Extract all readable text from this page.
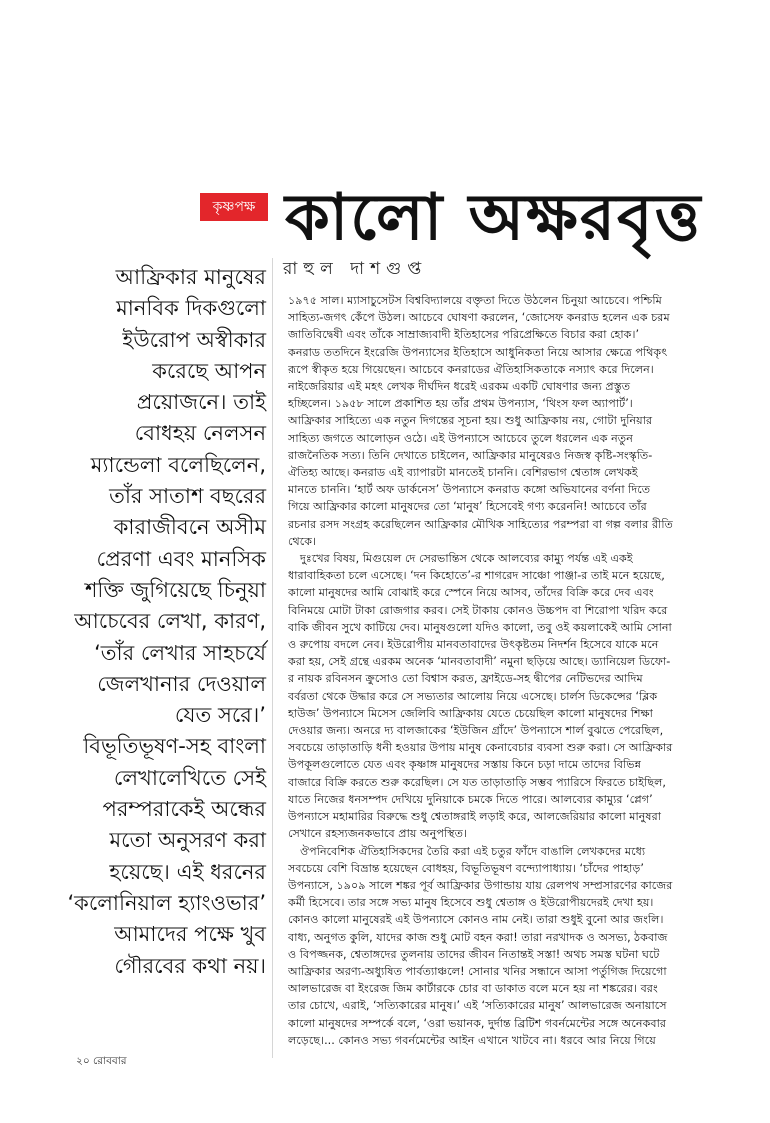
কৃষ্ণপক্ষ কালো অক্ষরবৃত্ত
রাহুল দাশগুপ্ত
আফ্রিকার মানুষের
মানবিক দিকগুলো
ইউরোপ অস্বীকার
করেছে আপন
প্রয়োজনে। তাই
বোধহয় নেলসন
ম্যান্ডেলা বলেছিলেন,
তাঁর সাতাশ বছরের
কারাজীবনে অসীম
প্রেরণা এবং মানসিক
শক্তি জুগিয়েছে চিনুয়া
আচেবের লেখা, কারণ,
‘তাঁর লেখার সাহচর্যে
জেলখানার দেওয়াল
যেত সরে।’
বিভূতিভূষণ-সহ বাংলা
লেখালেখিতে সেই
পরম্পরাকেই অন্ধের
মতো অনুসরণ করা
হয়েছে। এই ধরনের
‘কলোনিয়াল হ্যাংওভার’
আমাদের পক্ষে খুব
গৌরবের কথা নয়।
১৯৭৫ সাল। ম্যাসাচুসেটস বিশ্ববিদ্যালয়ে বক্তৃতা দিতে উঠলেন চিনুয়া আচেবে। পশ্চিমি
সাহিত্য-জগৎ কেঁপে উঠল। আচেবে ঘোষণা করলেন, ‘জোসেফ কনরাড হলেন এক চরম
জাতিবিদ্বেষী এবং তাঁকে সাম্রাজ্যবাদী ইতিহাসের পরিপ্রেক্ষিতে বিচার করা হোক।’
কনরাড ততদিনে ইংরেজি উপন্যাসের ইতিহাসে আধুনিকতা নিয়ে আসার ক্ষেত্রে পথিকৃৎ
রূপে স্বীকৃত হয়ে গিয়েছেন। আচেবে কনরাডের ঐতিহাসিকতাকে নস্যাৎ করে দিলেন।
নাইজেরিয়ার এই মহৎ লেখক দীর্ঘদিন ধরেই এরকম একটি ঘোষণার জন্য প্রস্তুত
হচ্ছিলেন। ১৯৫৮ সালে প্রকাশিত হয় তাঁর প্রথম উপন্যাস, ‘থিংস ফল অ্যাপার্ট’।
আফ্রিকার সাহিত্যে এক নতুন দিগন্তের সূচনা হয়। শুধু আফ্রিকায় নয়, গোটা দুনিয়ার
সাহিত্য জগতে আলোড়ন ওঠে। এই উপন্যাসে আচেবে তুলে ধরলেন এক নতুন
রাজনৈতিক সত্য। তিনি দেখাতে চাইলেন, আফ্রিকার মানুষেরও নিজস্ব কৃষ্টি-সংস্কৃতি-
ঐতিহ্য আছে। কনরাড এই ব্যাপারটা মানতেই চাননি। বেশিরভাগ শ্বেতাঙ্গ লেখকই
মানতে চাননি। ‘হার্ট অফ ডার্কনেস’ উপন্যাসে কনরাড কঙ্গো অভিযানের বর্ণনা দিতে
গিয়ে আফ্রিকার কালো মানুষদের তো ‘মানুষ’ হিসেবেই গণ্য করেননি! আচেবে তাঁর
রচনার রসদ সংগ্রহ করেছিলেন আফ্রিকার মৌখিক সাহিত্যের পরম্পরা বা গল্প বলার রীতি
থেকে।
দুঃখের বিষয়, মিগুয়েল দে সেরভান্তিস থেকে আলব্যের কাম্যু পর্যন্ত এই একই
ধারাবাহিকতা চলে এসেছে। ‘দন কিহোতে’-র শাগরেদ সাঞ্চো পাঞ্জা-র তাই মনে হয়েছে,
কালো মানুষদের আমি বোঝাই করে স্পেনে নিয়ে আসব, তাঁদের বিক্রি করে দেব এবং
বিনিময়ে মোটা টাকা রোজগার করব। সেই টাকায় কোনও উচ্চপদ বা শিরোপা খরিদ করে
বাকি জীবন সুখে কাটিয়ে দেব। মানুষগুলো যদিও কালো, তবু ওই কয়লাকেই আমি সোনা
ও রুপোয় বদলে নেব। ইউরোপীয় মানবতাবাদের উৎকৃষ্টতম নিদর্শন হিসেবে যাকে মনে
করা হয়, সেই গ্রন্থে এরকম অনেক ‘মানবতাবাদী’ নমুনা ছড়িয়ে আছে। ড্যানিয়েল ডিফো-
র নায়ক রবিনসন ক্রুসোও তো বিশ্বাস করত, ফ্রাইডে-সহ দ্বীপের নেটিভদের আদিম
বর্বরতা থেকে উদ্ধার করে সে সভ্যতার আলোয় নিয়ে এসেছে। চার্লস ডিকেন্সের ‘ব্লিক
হাউজ’ উপন্যাসে মিসেস জেলিবি আফ্রিকায় যেতে চেয়েছিল কালো মানুষদের শিক্ষা
দেওয়ার জন্য। অনরে দ্য বালজাকের ‘ইউজিন গ্রাঁদে’ উপন্যাসে শার্ল বুঝতে পেরেছিল,
সবচেয়ে তাড়াতাড়ি ধনী হওয়ার উপায় মানুষ কেনাবেচার ব্যবসা শুরু করা। সে আফ্রিকার
উপকূলগুলোতে যেত এবং কৃষ্ণাঙ্গ মানুষদের সস্তায় কিনে চড়া দামে তাদের বিভিন্ন
বাজারে বিক্রি করতে শুরু করেছিল। সে যত তাড়াতাড়ি সম্ভব প্যারিসে ফিরতে চাইছিল,
যাতে নিজের ধনসম্পদ দেখিয়ে দুনিয়াকে চমকে দিতে পারে। আলব্যের কাম্যুর ‘প্লেগ’
উপন্যাসে মহামারির বিরুদ্ধে শুধু শ্বেতাঙ্গরাই লড়াই করে, আলজেরিয়ার কালো মানুষরা
সেখানে রহস্যজনকভাবে প্রায় অনুপস্থিত।
ঔপনিবেশিক ঐতিহাসিকদের তৈরি করা এই চতুর ফাঁদে বাঙালি লেখকদের মধ্যে
সবচেয়ে বেশি বিভ্রান্ত হয়েছেন বোধহয়, বিভূতিভূষণ বন্দ্যোপাধ্যায়। ‘চাঁদের পাহাড়’
উপন্যাসে, ১৯০৯ সালে শঙ্কর পূর্ব আফ্রিকার উগান্ডায় যায় রেলপথ সম্প্রসারণের কাজের
কর্মী হিসেবে। তার সঙ্গে সভ্য মানুষ হিসেবে শুধু শ্বেতাঙ্গ ও ইউরোপীয়দেরই দেখা হয়।
কোনও কালো মানুষেরই এই উপন্যাসে কোনও নাম নেই। তারা শুধুই বুনো আর জংলি।
বাধ্য, অনুগত কুলি, যাদের কাজ শুধু মোট বহন করা! তারা নরখাদক ও অসভ্য, ঠকবাজ
ও বিপজ্জনক, শ্বেতাঙ্গদের তুলনায় তাদের জীবন নিতান্তই সস্তা! অথচ সমস্ত ঘটনা ঘটে
আফ্রিকার অরণ্য-অধ্যুষিত পার্বত্যাঞ্চলে! সোনার খনির সন্ধানে আসা পর্তুগিজ দিয়েগো
আলভারেজ বা ইংরেজ জিম কার্টারকে চোর বা ডাকাত বলে মনে হয় না শঙ্করের। বরং
তার চোখে, এরাই, ‘সত্যিকারের মানুষ।’ এই ‘সত্যিকারের মানুষ’ আলভারেজ অনায়াসে
কালো মানুষদের সম্পর্কে বলে, ‘ওরা ভয়ানক, দুর্দান্ত ব্রিটিশ গবর্নমেন্টের সঙ্গে অনেকবার
লড়েছে।... কোনও সভ্য গবর্নমেন্টের আইন এখানে খাটবে না। ধরবে আর নিয়ে গিয়ে
২০ রোববার
